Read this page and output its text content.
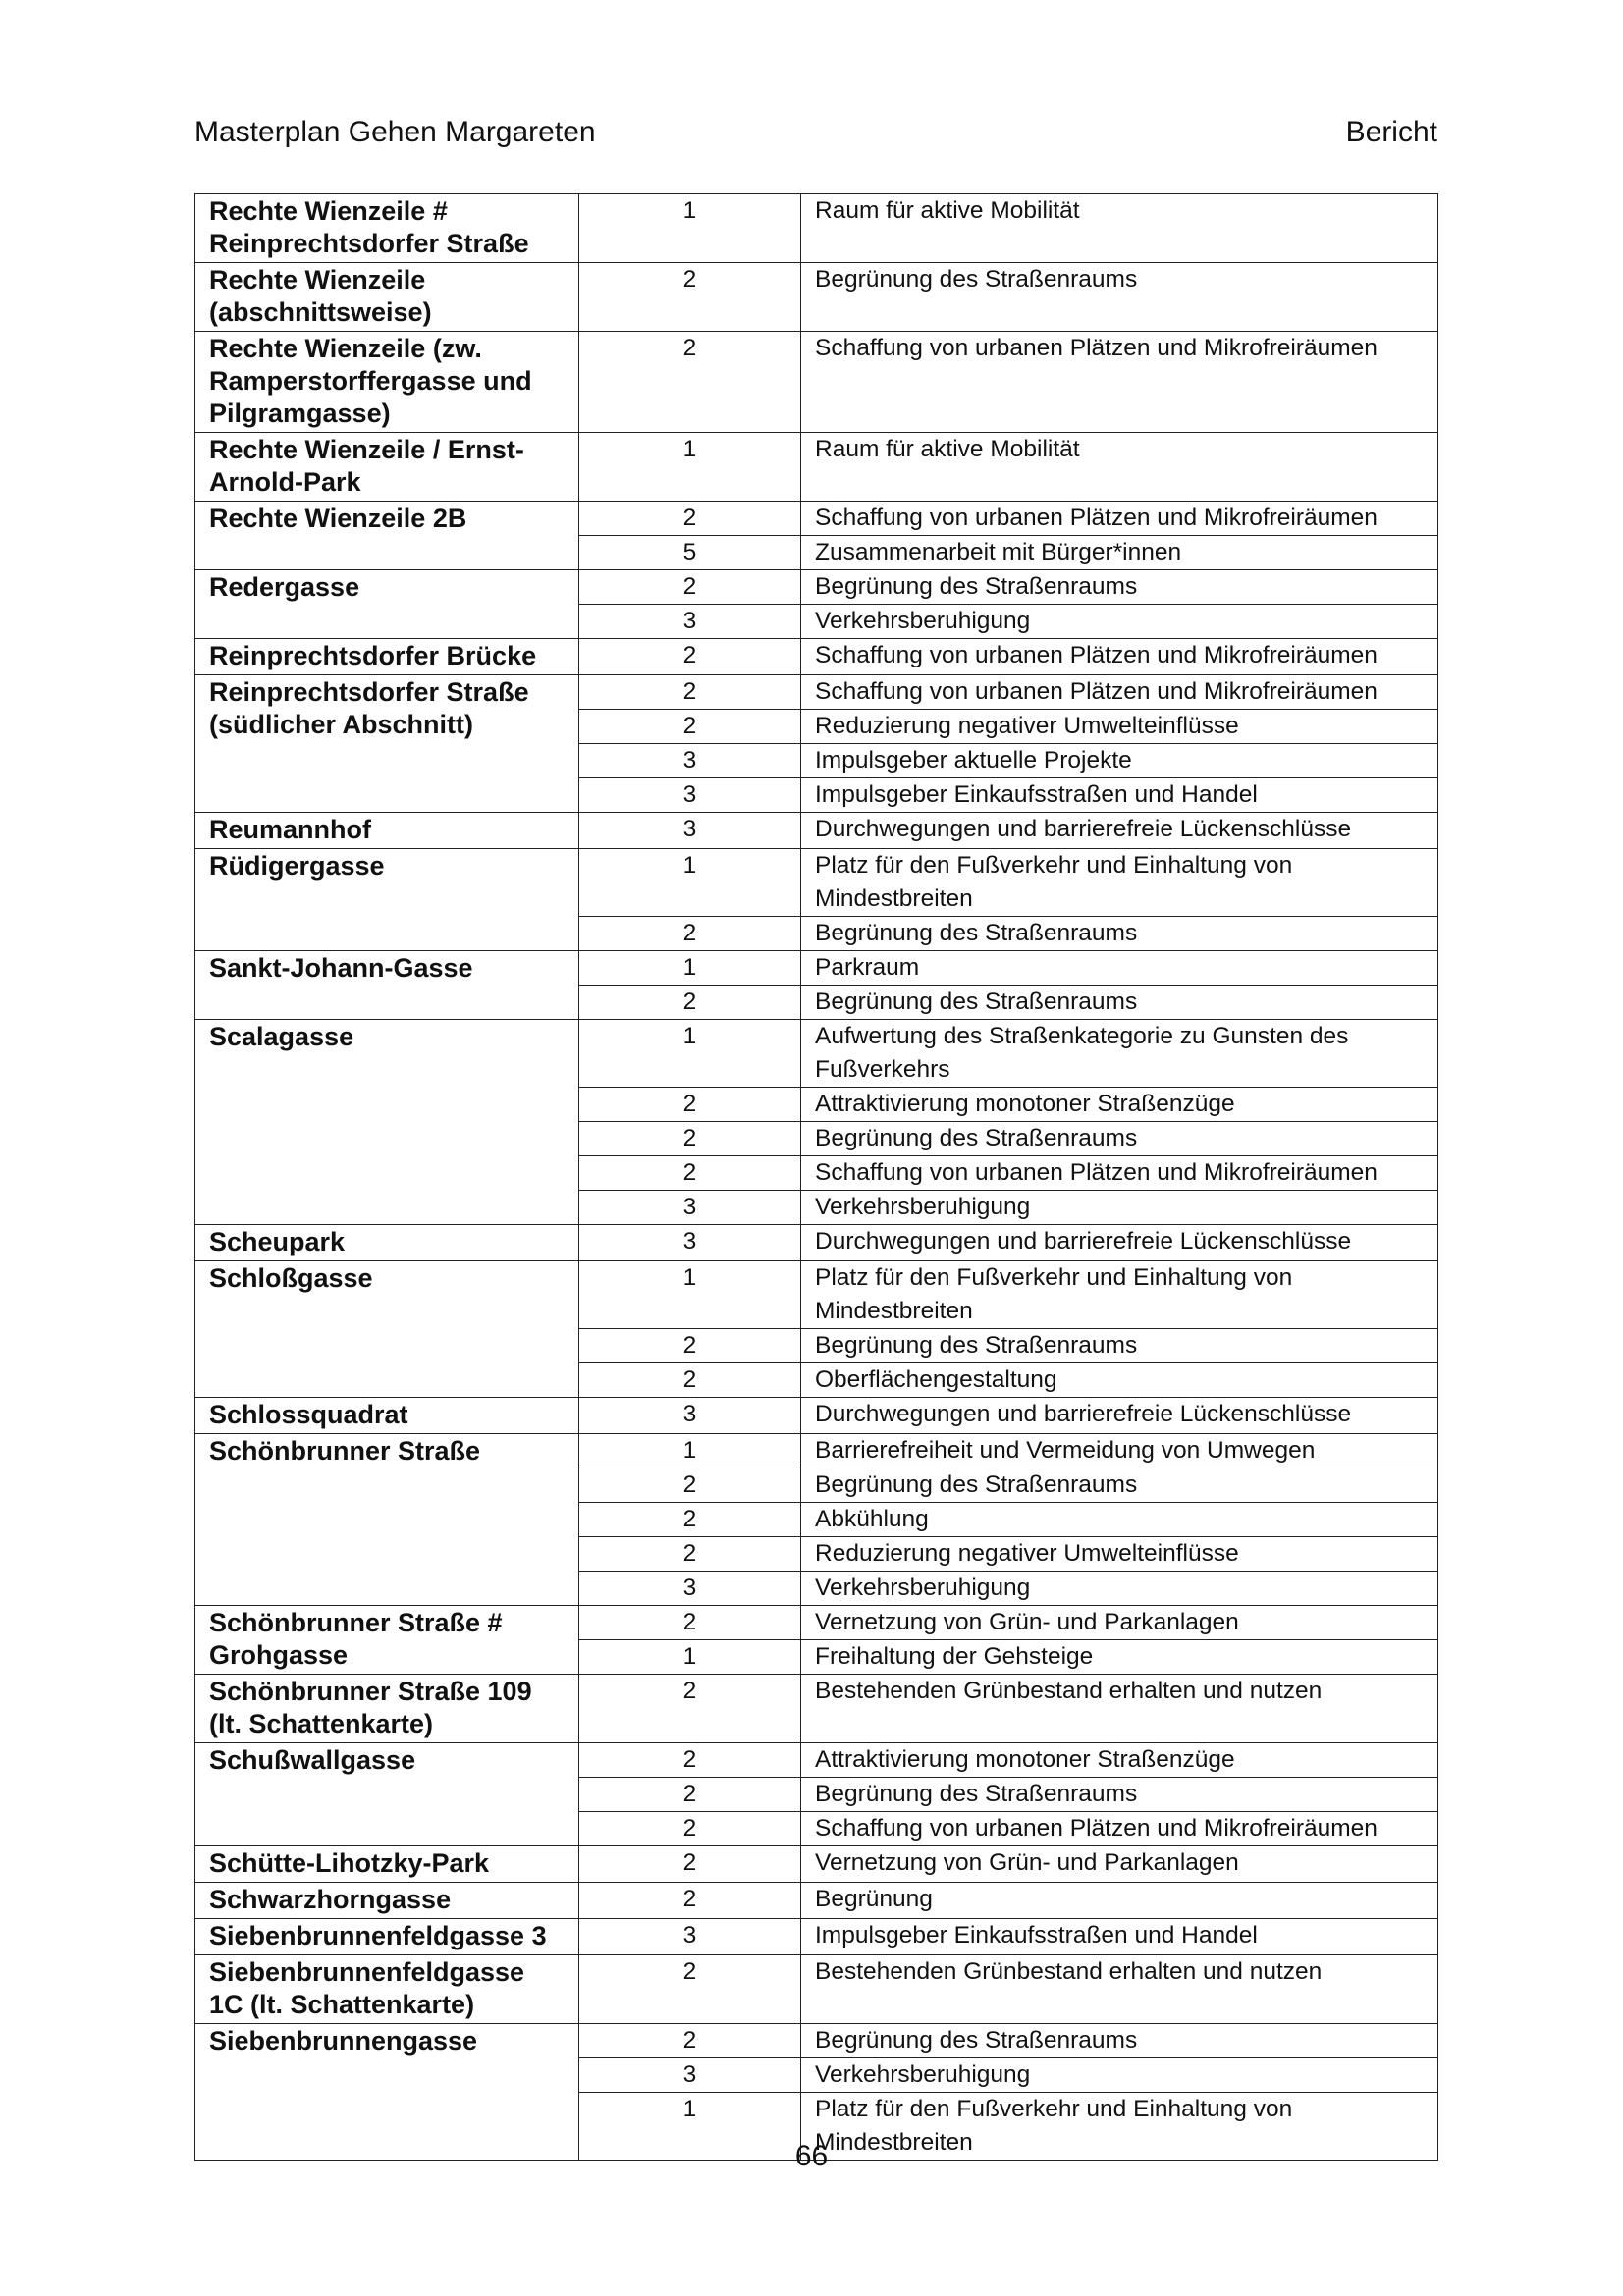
Masterplan Gehen Margareten	Bericht
Rechte Wienzeile # Reinprechtsdorfer Straße	1	Raum für aktive Mobilität
Rechte Wienzeile (abschnittsweise)	2	Begrünung des Straßenraums
Rechte Wienzeile (zw. Ramperstorffergasse und Pilgramgasse)	2	Schaffung von urbanen Plätzen und Mikrofreiräumen
Rechte Wienzeile / Ernst-Arnold-Park	1	Raum für aktive Mobilität
Rechte Wienzeile 2B	2	Schaffung von urbanen Plätzen und Mikrofreiräumen
	5	Zusammenarbeit mit Bürger*innen
Redergasse	2	Begrünung des Straßenraums
	3	Verkehrsberuhigung
Reinprechtsdorfer Brücke	2	Schaffung von urbanen Plätzen und Mikrofreiräumen
Reinprechtsdorfer Straße (südlicher Abschnitt)	2	Schaffung von urbanen Plätzen und Mikrofreiräumen
	2	Reduzierung negativer Umwelteinflüsse
	3	Impulsgeber aktuelle Projekte
	3	Impulsgeber Einkaufsstraßen und Handel
Reumannhof	3	Durchwegungen und barrierefreie Lückenschlüsse
Rüdigergasse	1	Platz für den Fußverkehr und Einhaltung von Mindestbreiten
	2	Begrünung des Straßenraums
Sankt-Johann-Gasse	1	Parkraum
	2	Begrünung des Straßenraums
Scalagasse	1	Aufwertung des Straßenkategorie zu Gunsten des Fußverkehrs
	2	Attraktivierung monotoner Straßenzüge
	2	Begrünung des Straßenraums
	2	Schaffung von urbanen Plätzen und Mikrofreiräumen
	3	Verkehrsberuhigung
Scheupark	3	Durchwegungen und barrierefreie Lückenschlüsse
Schloßgasse	1	Platz für den Fußverkehr und Einhaltung von Mindestbreiten
	2	Begrünung des Straßenraums
	2	Oberflächengestaltung
Schlossquadrat	3	Durchwegungen und barrierefreie Lückenschlüsse
Schönbrunner Straße	1	Barrierefreiheit und Vermeidung von Umwegen
	2	Begrünung des Straßenraums
	2	Abkühlung
	2	Reduzierung negativer Umwelteinflüsse
	3	Verkehrsberuhigung
Schönbrunner Straße # Grohgasse	2	Vernetzung von Grün- und Parkanlagen
	1	Freihaltung der Gehsteige
Schönbrunner Straße 109 (lt. Schattenkarte)	2	Bestehenden Grünbestand erhalten und nutzen
Schußwallgasse	2	Attraktivierung monotoner Straßenzüge
	2	Begrünung des Straßenraums
	2	Schaffung von urbanen Plätzen und Mikrofreiräumen
Schütte-Lihotzky-Park	2	Vernetzung von Grün- und Parkanlagen
Schwarzhorngasse	2	Begrünung
Siebenbrunnenfeldgasse 3	3	Impulsgeber Einkaufsstraßen und Handel
Siebenbrunnenfeldgasse 1C (lt. Schattenkarte)	2	Bestehenden Grünbestand erhalten und nutzen
Siebenbrunnengasse	2	Begrünung des Straßenraums
	3	Verkehrsberuhigung
	1	Platz für den Fußverkehr und Einhaltung von Mindestbreiten
66
